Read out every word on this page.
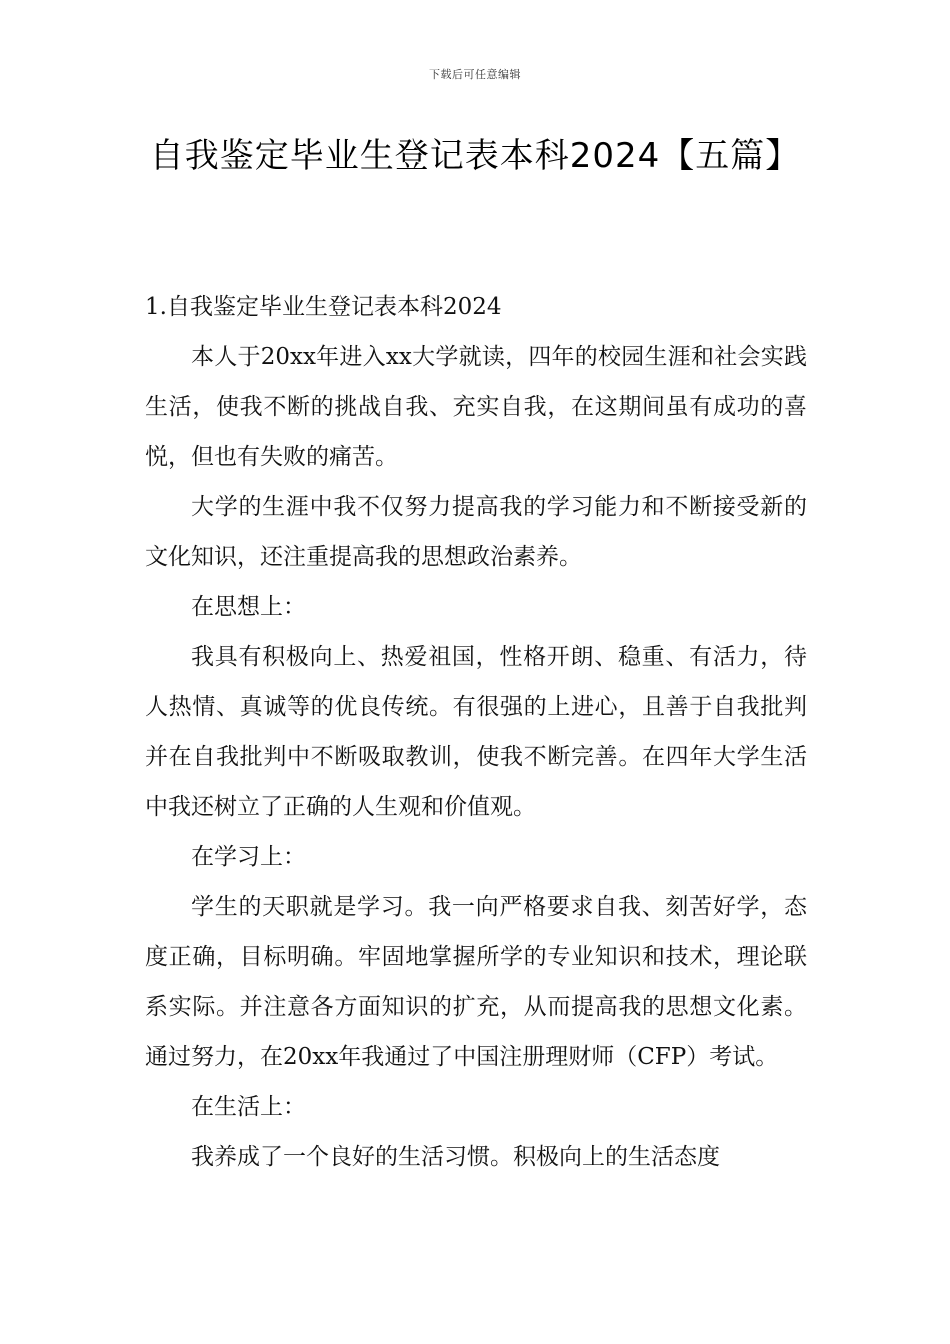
下载后可任意编辑
自我鉴定毕业生登记表本科2024【五篇】

1.自我鉴定毕业生登记表本科2024

本人于20xx年进入xx大学就读，四年的校园生涯和社会实践生活，使我不断的挑战自我、充实自我，在这期间虽有成功的喜悦，但也有失败的痛苦。

大学的生涯中我不仅努力提高我的学习能力和不断接受新的文化知识，还注重提高我的思想政治素养。

在思想上：

我具有积极向上、热爱祖国，性格开朗、稳重、有活力，待人热情、真诚等的优良传统。有很强的上进心，且善于自我批判并在自我批判中不断吸取教训，使我不断完善。在四年大学生活中我还树立了正确的人生观和价值观。

在学习上：

学生的天职就是学习。我一向严格要求自我、刻苦好学，态度正确，目标明确。牢固地掌握所学的专业知识和技术，理论联系实际。并注意各方面知识的扩充，从而提高我的思想文化素。通过努力，在20xx年我通过了中国注册理财师（CFP）考试。

在生活上：

我养成了一个良好的生活习惯。积极向上的生活态度
